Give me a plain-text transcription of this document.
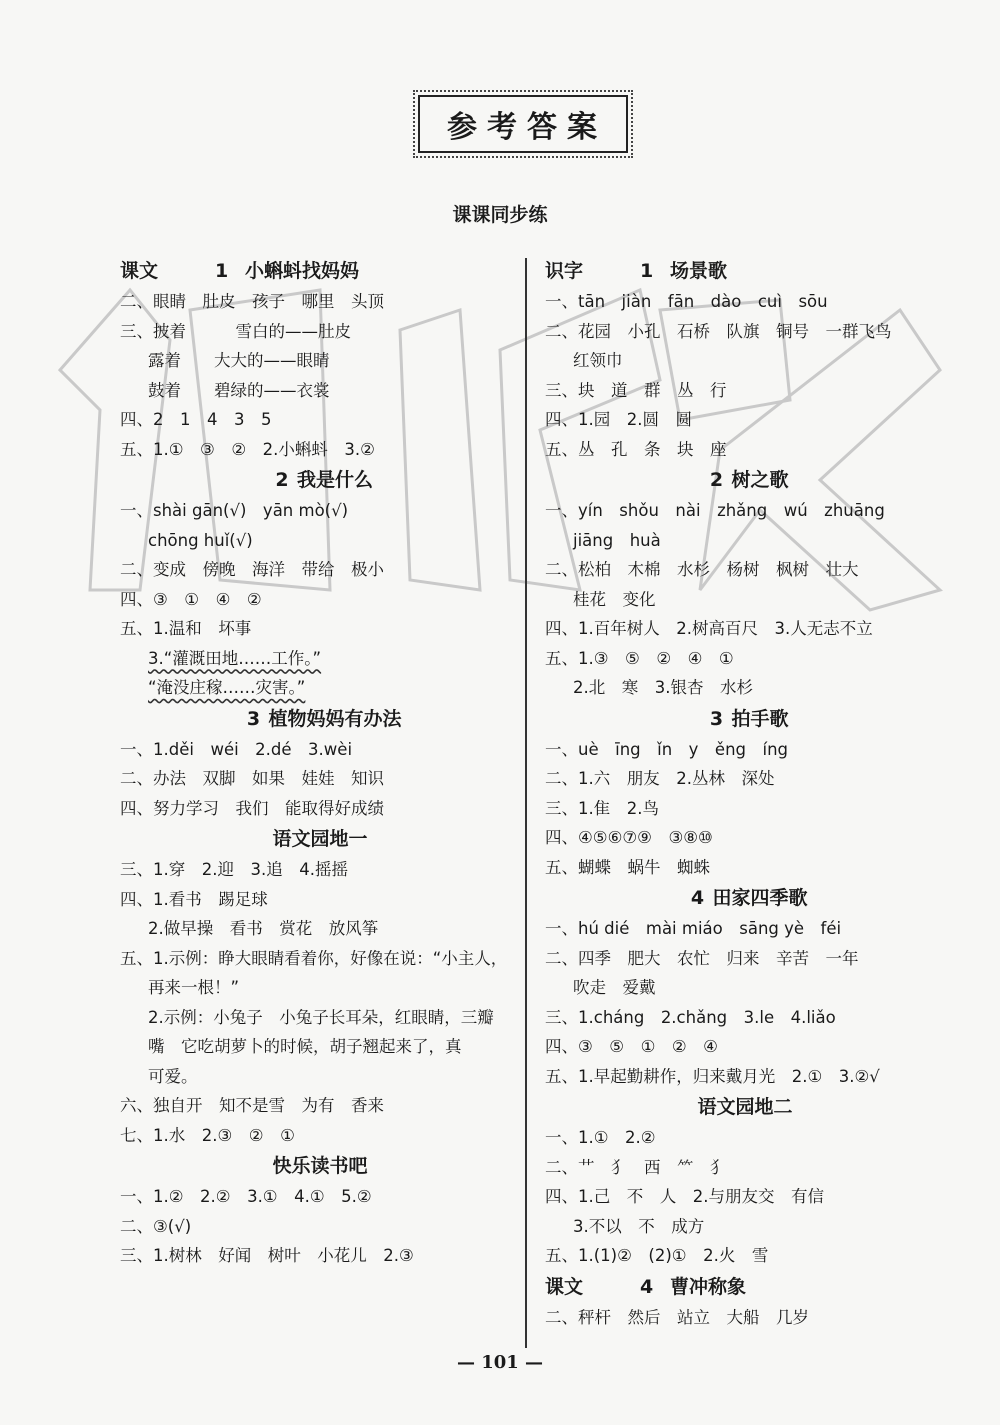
参考答案
课课同步练
课文	1 小蝌蚪找妈妈
二、眼睛　肚皮　孩子　哪里　头顶
三、披着　　　雪白的——肚皮
露着　　大大的——眼睛
鼓着　　碧绿的——衣裳
四、2　1　4　3　5
五、1.①　③　②　2.小蝌蚪　3.②
2 我是什么
一、shài gān(√)　yān mò(√)
chōng huǐ(√)
二、变成　傍晚　海洋　带给　极小
四、③　①　④　②
五、1.温和　坏事
3.“灌溉田地……工作。”
“淹没庄稼……灾害。”
3 植物妈妈有办法
一、1.děi　wéi　2.dé　3.wèi
二、办法　双脚　如果　娃娃　知识
四、努力学习　我们　能取得好成绩
语文园地一
三、1.穿　2.迎　3.追　4.摇摇
四、1.看书　踢足球
2.做早操　看书　赏花　放风筝
五、1.示例：睁大眼睛看着你，好像在说：“小主人，
再来一根！”
2.示例：小兔子　小兔子长耳朵，红眼睛，三瓣
嘴　它吃胡萝卜的时候，胡子翘起来了，真
可爱。
六、独自开　知不是雪　为有　香来
七、1.水　2.③　②　①
快乐读书吧
一、1.②　2.②　3.①　4.①　5.②
二、③(√)
三、1.树林　好闻　树叶　小花儿　2.③
识字	1 场景歌
一、tān　jiàn　fān　dào　cuì　sōu
二、花园　小孔　石桥　队旗　铜号　一群飞鸟
红领巾
三、块　道　群　丛　行
四、1.园　2.圆　圆
五、丛　孔　条　块　座
2 树之歌
一、yín　shǒu　nài　zhǎng　wú　zhuāng
jiāng　huà
二、松柏　木棉　水杉　杨树　枫树　壮大
桂花　变化
四、1.百年树人　2.树高百尺　3.人无志不立
五、1.③　⑤　②　④　①
2.北　寒　3.银杏　水杉
3 拍手歌
一、uè　īng　ǐn　y　ěng　íng
二、1.六　朋友　2.丛林　深处
三、1.隹　2.鸟
四、④⑤⑥⑦⑨　③⑧⑩
五、蝴蝶　蜗牛　蜘蛛
4 田家四季歌
一、hú dié　mài miáo　sāng yè　féi
二、四季　肥大　农忙　归来　辛苦　一年
吹走　爱戴
三、1.cháng　2.chǎng　3.le　4.liǎo
四、③　⑤　①　②　④
五、1.早起勤耕作，归来戴月光　2.①　3.②√
语文园地二
一、1.①　2.②
二、艹　犭　西　⺮　犭
四、1.己　不　人　2.与朋友交　有信
3.不以　不　成方
五、1.(1)②　(2)①　2.火　雪
课文	4 曹冲称象
二、秤杆　然后　站立　大船　几岁
— 101 —
